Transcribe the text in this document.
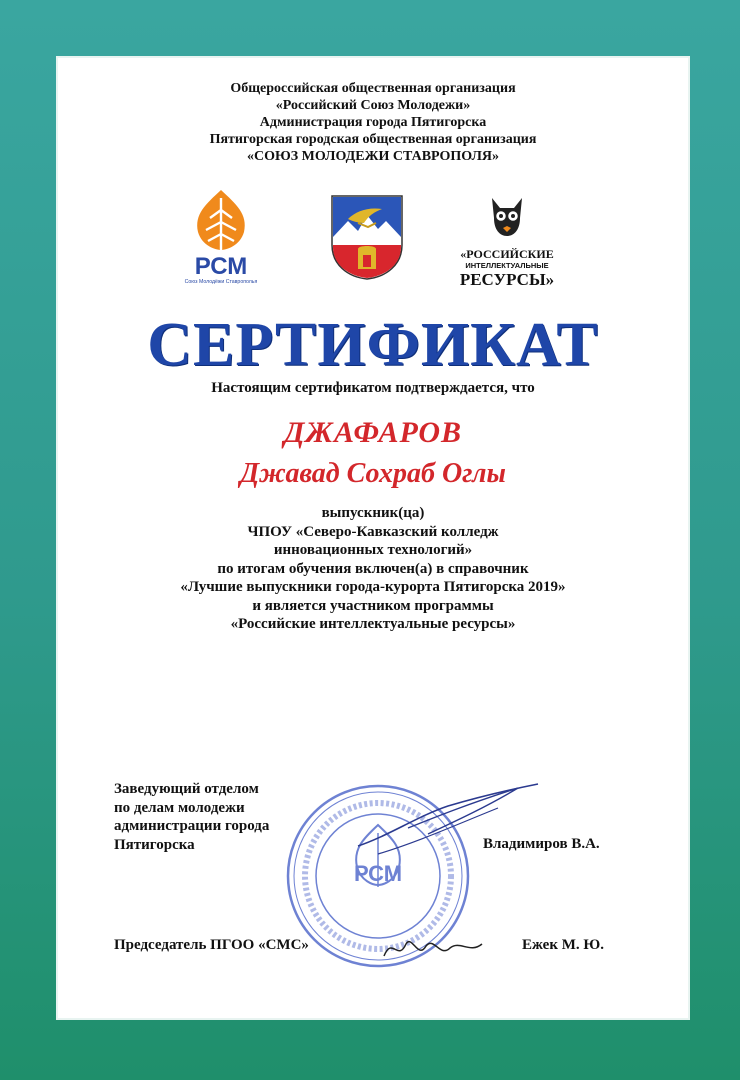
Общероссийская общественная организация
«Российский Союз Молодежи»
Администрация города Пятигорска
Пятигорская городская общественная организация
«СОЮЗ МОЛОДЕЖИ СТАВРОПОЛЯ»
РСМ
Союз Молодёжи Ставрополья
«РОССИЙСКИЕ
ИНТЕЛЛЕКТУАЛЬНЫЕ
РЕСУРСЫ»
СЕРТИФИКАТ
Настоящим сертификатом подтверждается, что
ДЖАФАРОВ
Джавад Сохраб Оглы
выпускник(ца)
ЧПОУ «Северо-Кавказский колледж
инновационных технологий»
по итогам обучения включен(а) в справочник
«Лучшие выпускники города-курорта Пятигорска 2019»
и является участником программы
«Российские интеллектуальные ресурсы»
РСМ
Заведующий отделом
по делам молодежи
администрации города
Пятигорска	Владимиров В.А.
Председатель ПГОО «СМС»	Ежек М. Ю.
